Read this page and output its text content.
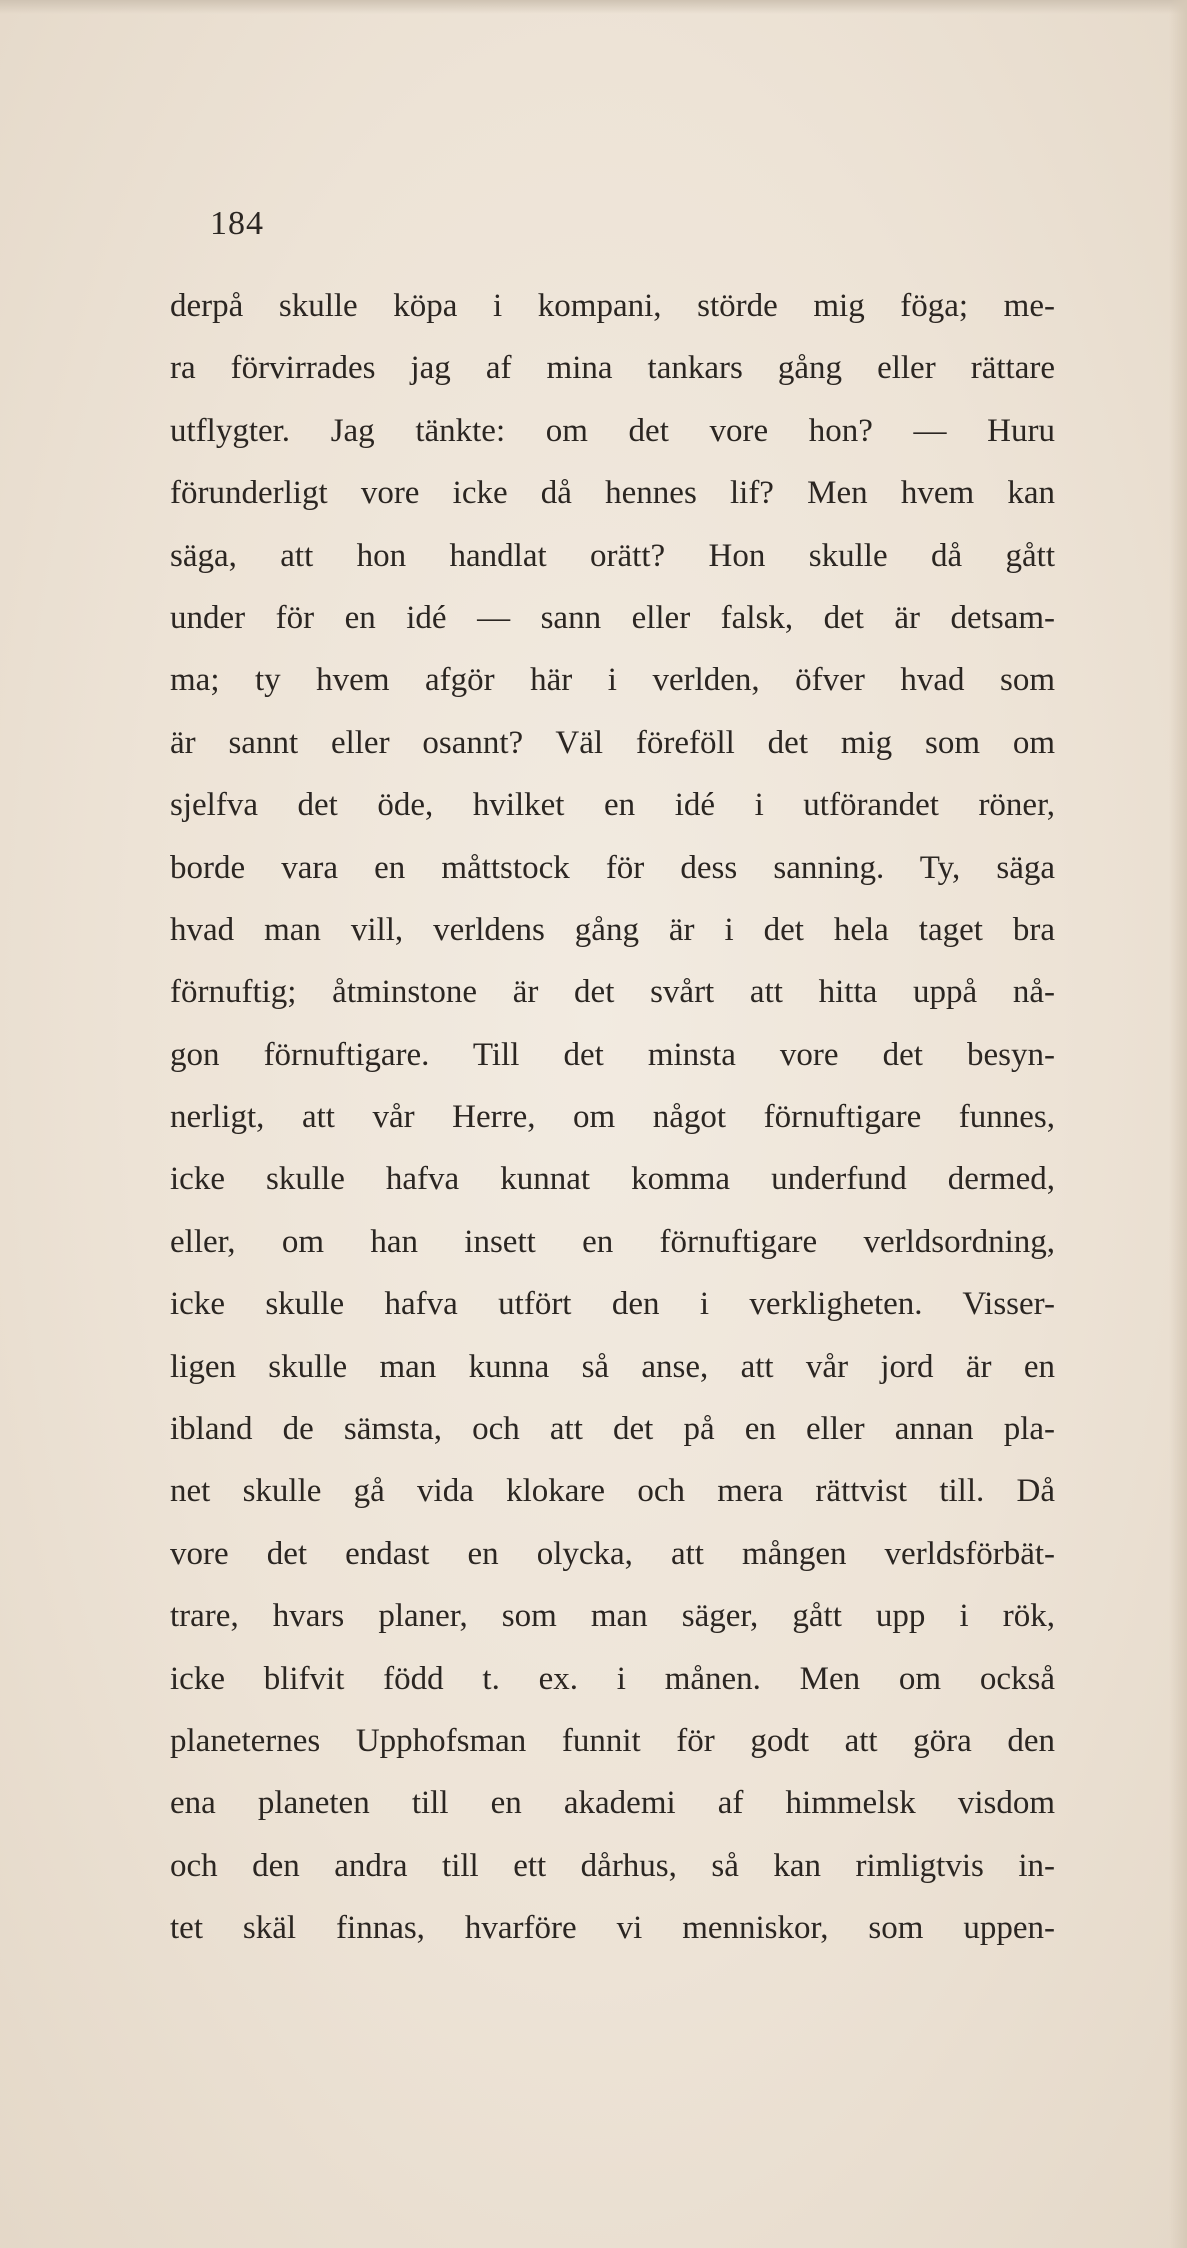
184
derpå skulle köpa i kompani, störde mig föga; me-
ra förvirrades jag af mina tankars gång eller rättare
utflygter. Jag tänkte: om det vore hon? — Huru
förunderligt vore icke då hennes lif? Men hvem kan
säga, att hon handlat orätt? Hon skulle då gått
under för en idé — sann eller falsk, det är detsam-
ma; ty hvem afgör här i verlden, öfver hvad som
är sannt eller osannt? Väl föreföll det mig som om
sjelfva det öde, hvilket en idé i utförandet röner,
borde vara en måttstock för dess sanning. Ty, säga
hvad man vill, verldens gång är i det hela taget bra
förnuftig; åtminstone är det svårt att hitta uppå nå-
gon förnuftigare. Till det minsta vore det besyn-
nerligt, att vår Herre, om något förnuftigare funnes,
icke skulle hafva kunnat komma underfund dermed,
eller, om han insett en förnuftigare verldsordning,
icke skulle hafva utfört den i verkligheten. Visser-
ligen skulle man kunna så anse, att vår jord är en
ibland de sämsta, och att det på en eller annan pla-
net skulle gå vida klokare och mera rättvist till. Då
vore det endast en olycka, att mången verldsförbät-
trare, hvars planer, som man säger, gått upp i rök,
icke blifvit född t. ex. i månen. Men om också
planeternes Upphofsman funnit för godt att göra den
ena planeten till en akademi af himmelsk visdom
och den andra till ett dårhus, så kan rimligtvis in-
tet skäl finnas, hvarföre vi menniskor, som uppen-
